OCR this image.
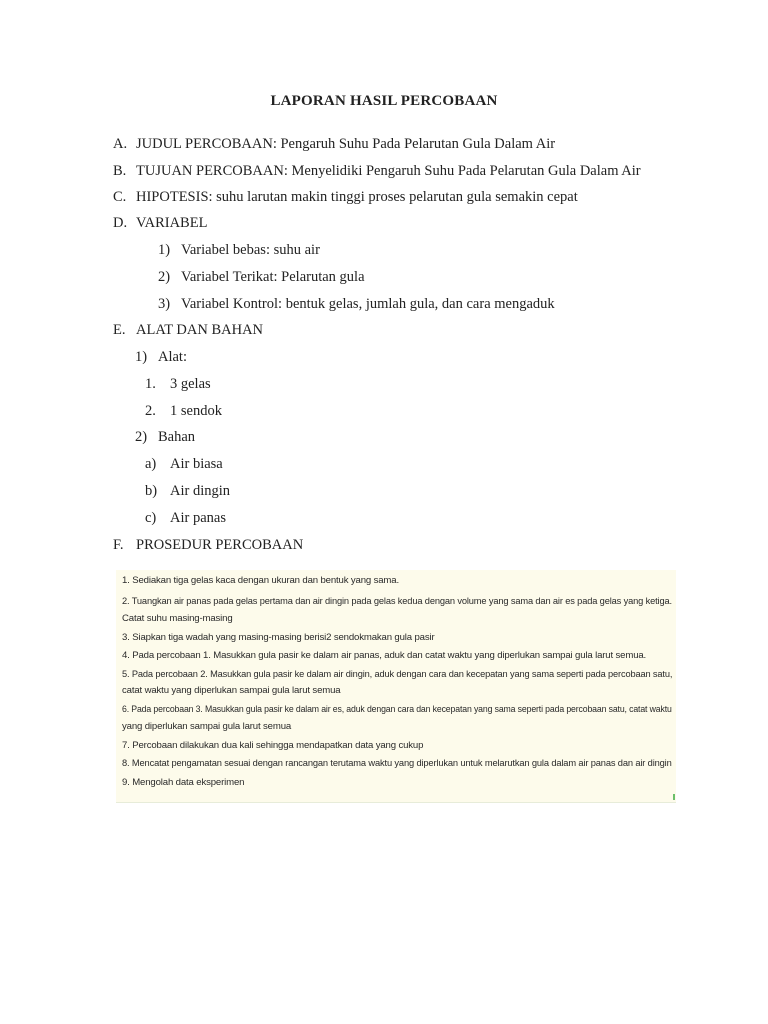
LAPORAN HASIL PERCOBAAN
A. JUDUL PERCOBAAN: Pengaruh Suhu Pada Pelarutan Gula Dalam Air
B. TUJUAN PERCOBAAN: Menyelidiki Pengaruh Suhu Pada Pelarutan Gula Dalam Air
C. HIPOTESIS: suhu larutan makin tinggi proses pelarutan gula semakin cepat
D. VARIABEL
1) Variabel bebas: suhu air
2) Variabel Terikat: Pelarutan gula
3) Variabel Kontrol: bentuk gelas, jumlah gula, dan cara mengaduk
E. ALAT DAN BAHAN
1) Alat:
1. 3 gelas
2. 1 sendok
2) Bahan
a) Air biasa
b) Air dingin
c) Air panas
F. PROSEDUR PERCOBAAN
1. Sediakan tiga gelas kaca dengan ukuran dan bentuk yang sama.
2. Tuangkan air panas pada gelas pertama dan air dingin pada gelas kedua dengan volume yang sama dan air es pada gelas yang ketiga.
Catat suhu masing-masing
3. Siapkan tiga wadah yang masing-masing berisi2 sendokmakan gula pasir
4. Pada percobaan 1. Masukkan gula pasir ke dalam air panas, aduk dan catat waktu yang diperlukan sampai gula larut semua.
5. Pada percobaan 2. Masukkan gula pasir ke dalam air dingin, aduk dengan cara dan kecepatan yang sama seperti pada percobaan satu,
catat waktu yang diperlukan sampai gula larut semua
6. Pada percobaan 3. Masukkan gula pasir ke dalam air es, aduk dengan cara dan kecepatan yang sama seperti pada percobaan satu, catat waktu
yang diperlukan sampai gula larut semua
7. Percobaan dilakukan dua kali sehingga mendapatkan data yang cukup
8. Mencatat pengamatan sesuai dengan rancangan terutama waktu yang diperlukan untuk melarutkan gula dalam air panas dan air dingin
9. Mengolah data eksperimen
